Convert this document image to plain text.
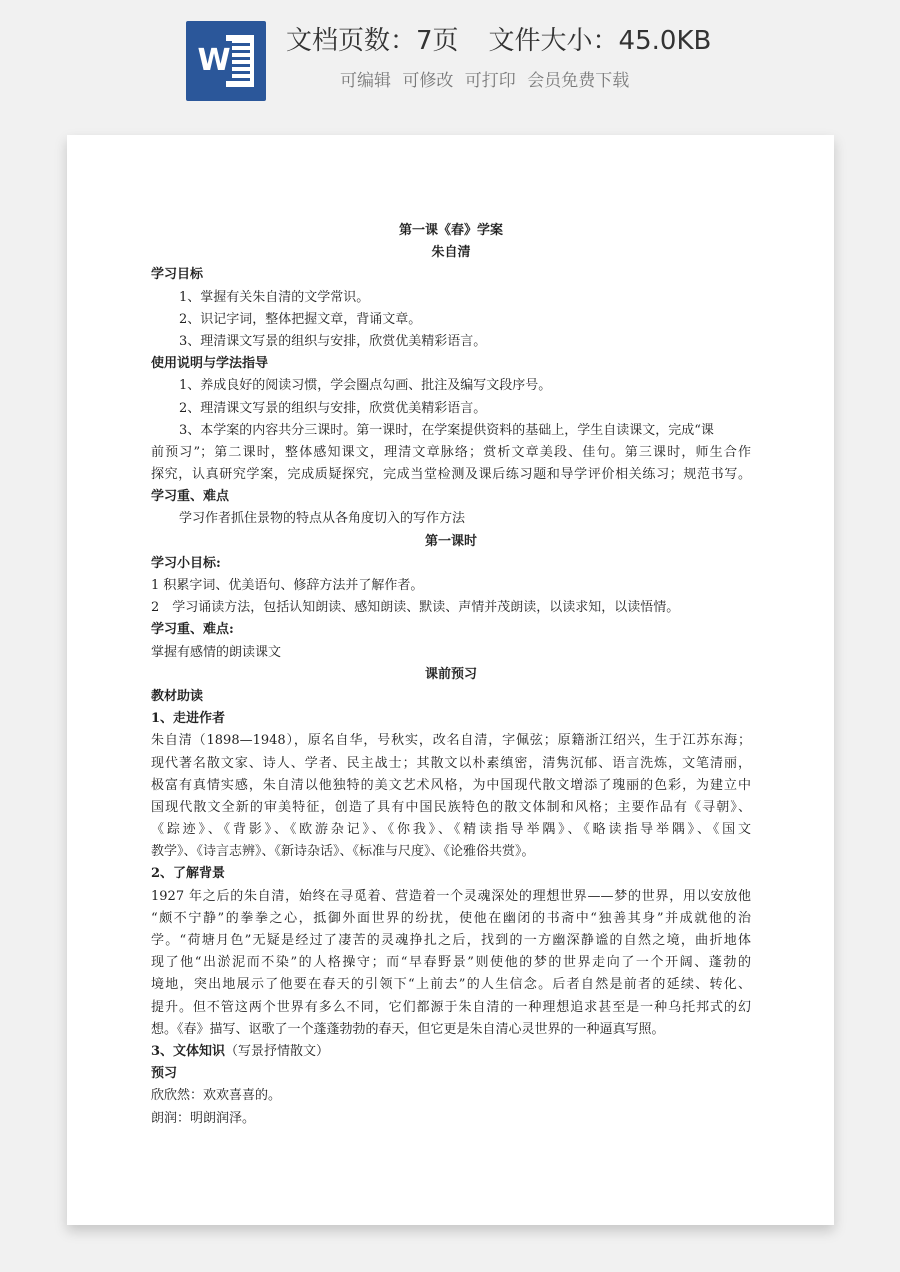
W
文档页数：7页 文件大小：45.0KB
可编辑 可修改 可打印 会员免费下载
第一课《春》学案
朱自清
学习目标
1、掌握有关朱自清的文学常识。
2、识记字词，整体把握文章，背诵文章。
3、理清课文写景的组织与安排，欣赏优美精彩语言。
使用说明与学法指导
1、养成良好的阅读习惯，学会圈点勾画、批注及编写文段序号。
2、理清课文写景的组织与安排，欣赏优美精彩语言。
3、本学案的内容共分三课时。第一课时，在学案提供资料的基础上，学生自读课文，完成“课
前预习”；第二课时，整体感知课文，理清文章脉络；赏析文章美段、佳句。第三课时，师生合作
探究，认真研究学案，完成质疑探究，完成当堂检测及课后练习题和导学评价相关练习；规范书写。
学习重、难点
学习作者抓住景物的特点从各角度切入的写作方法
第一课时
学习小目标:
1 积累字词、优美语句、修辞方法并了解作者。
2　学习诵读方法，包括认知朗读、感知朗读、默读、声情并茂朗读，以读求知，以读悟情。
学习重、难点:
掌握有感情的朗读课文
课前预习
教材助读
1、走进作者
朱自清（1898—1948），原名自华，号秋实，改名自清，字佩弦；原籍浙江绍兴，生于江苏东海；
现代著名散文家、诗人、学者、民主战士；其散文以朴素缜密，清隽沉郁、语言洗炼，文笔清丽，
极富有真情实感，朱自清以他独特的美文艺术风格，为中国现代散文增添了瑰丽的色彩，为建立中
国现代散文全新的审美特征，创造了具有中国民族特色的散文体制和风格；主要作品有《寻朝》、
《踪迹》、《背影》、《欧游杂记》、《你我》、《精读指导举隅》、《略读指导举隅》、《国文
教学》、《诗言志辨》、《新诗杂话》、《标准与尺度》、《论雅俗共赏》。
2、了解背景
1927 年之后的朱自清，始终在寻觅着、营造着一个灵魂深处的理想世界——梦的世界，用以安放他
“颇不宁静”的拳拳之心，抵御外面世界的纷扰，使他在幽闭的书斋中“独善其身”并成就他的治
学。“荷塘月色”无疑是经过了凄苦的灵魂挣扎之后，找到的一方幽深静谧的自然之境，曲折地体
现了他“出淤泥而不染”的人格操守；而“早春野景”则使他的梦的世界走向了一个开阔、蓬勃的
境地，突出地展示了他要在春天的引领下“上前去”的人生信念。后者自然是前者的延续、转化、
提升。但不管这两个世界有多么不同，它们都源于朱自清的一种理想追求甚至是一种乌托邦式的幻
想。《春》描写、讴歌了一个蓬蓬勃勃的春天，但它更是朱自清心灵世界的一种逼真写照。
3、文体知识（写景抒情散文）
预习
欣欣然：欢欢喜喜的。
朗润：明朗润泽。
